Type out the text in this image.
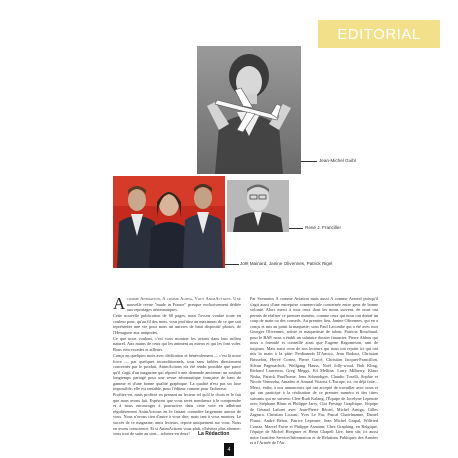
EDITORIAL
Jean-Michel Guibl
René J. Franciller
Joël Mainard, Janine Olivennes, Patrick Rigel

A comme Animation, A comme Alpha, Vous AnimActions. Une nouvelle revue "made in France" presque exclusivement dédiée aux reportages aéronautiques.

Cette nouvelle publication de 60 pages, nous l'avons voulue toute en couleur pour, qu'au fil des mois, vous profitiez au maximum de ce que sait représenter une vie pour nous un univers de haut dispositif photos, de l'Hexagone aux antipodes.

Ce que nous voulons, c'est vous montrer les avions dans leur milieu naturel. Aux mains de ceux qui les animent au mieux et qui les font voler. Bous rien excedes et ailleurs.

Conçu en quelques mois avec dédication et bénévolement — c'est là notre force — par quelques inconditionnels, tous sans faibles directement concernés par le produit, AnimActions n'a été rendu possible que parce qu'il s'agit d'un magazine qui répond à une demande ancienne: un souhait longtemps partagé pour une revue aéronautique française de haut de gamme et d'une bonne qualité graphique. La qualité n'est pas un luxe impossible; elle est rentable, pour l'éditeur comme pour l'acheteur.

Profitez-en, mais profitez en prenant au lecteur tel qu'il le choix et le fait que nous avons fait. Espérons que vous serez nombreux à le comprendre et à nous encourager à poursuivre dans cette voie en adhérant régulièrement AnimActions en le faisant connaître largement autour de vous. Nous n'avons rien d'autre à vous dire, mais tant à vous montrer. Le succès de ce magazine, amis lecteurs, repose uniquement sur vous. Nous en avons conscience. Et si AnimActions vous plaît, n'hésitez plus aborner: vous tout de suite au sien... achetez-en deux!

Par Scenarios A comme Aviation mais aussi A comme Aerotel puisqu'il s'agit aussi d'une entreprise commerciale concernée entre gens de bonne volonté. Alors merci à tous ceux dont les noms suivent: de nous ont permis de réaliser ce premier numéro, comme ceux qui nous ont donné un coup de main ou des conseils. Au premier lieu, Janine Olivennes, qui en a conçu et mis au point la maquette; sous Paul Lacombe qui a été avec moi Georges Olivennes, artiste et maquettiste de talent, Patricia Rouchaud, pour le BAP, nous a établi un salutaire dossier financier. Pierre Abbou qui nous a formulé et conseillé ainsi que Eugene Ragomeson, ami de toujours. Mais aussi ceux de nos lecteurs qui nous ont rejoint ici qui ont mis la main à la pâte: Ferdinando D'Amico, Jean Bodour, Christian Brisselon, Hervé Cortez, Pierre Garcé, Christian Jacquet-Francillon, Silvan Pagenachok, Wolfgang Hauss, Noël Jolly-wood, Bob Kling, Richard Lauveron, Greg Meggs, Ed Mellina, Larry Milberry, Klaus Niska, Patrick Prud'home, Jens Schmidtger, Claudio Toselli, Sophie et Nicole Venezzha, Amadeo et Amaral Vitarist. L'Europe, ici, on déjà faite... Merci, enfin, à nos annonceurs qui ont accepté de travailler avec nous et qui ont participé à la réalisation de ce premier numéro et des titres suivants qui ne suivent: Clen-Rudi Kalang, l'Équipe de Jocelyne Lepeurte avec Stéphane Blanc et Philippe Jarry, Clot Prestige Graphique, l'équipe de Géraud Laforet avec Jean-Pierre Bécart, Michel Arniga, Gilles Zagrura, Christian Licausi, Yves Le Fur, Pascal Chatelmanne, Daniel Flurot, André Béton, Patrice Lepeurte, Jean Michel Grapal, Wilfried Coutaz, Marcel Favre et Philippe Asmann; Chez Graphing, en Belgique, l'équipe de Michel Hoegnier et Henri Chapell Lire, bien sûr, ici aussi notre frontière Service/Information et de Relations Publiques des Armées et à l'Armée de l'Air.

La Rédaction
4
